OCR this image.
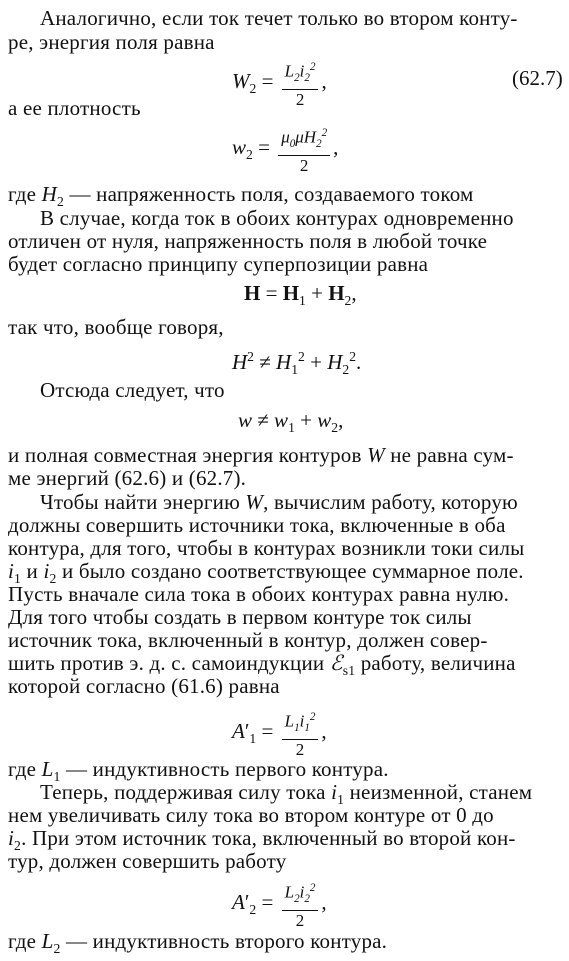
Аналогично, если ток течет только во втором конту-
ре, энергия поля равна
$W_2 = \frac{L_2i_2^2}{2}$ ,	(62.7)
а ее плотность
$w_2 = \frac{\mu_0\mu H_2^2}{2}$ ,
где $H_2$ — напряженность поля, создаваемого током
В случае, когда ток в обоих контурах одновременно
отличен от нуля, напряженность поля в любой точке
будет согласно принципу суперпозиции равна
$H = H_1 + H_2$,
так что, вообще говоря,
$H^2 \ne H_1^2 + H_2^2$.
Отсюда следует, что
$w \ne w_1 + w_2$,
и полная совместная энергия контуров W не равна сум-
ме энергий (62.6) и (62.7).
Чтобы найти энергию W, вычислим работу, которую
должны совершить источники тока, включенные в оба
контура, для того, чтобы в контурах возникли токи силы
$i_1$ и $i_2$ и было создано соответствующее суммарное поле.
Пусть вначале сила тока в обоих контурах равна нулю.
Для того чтобы создать в первом контуре ток силы
источник тока, включенный в контур, должен совер-
шить против э. д. с. самоиндукции ℰ$_{s1}$ работу, величина
которой согласно (61.6) равна
$A'_1 = \frac{L_1i_1^2}{2}$ ,
где $L_1$ — индуктивность первого контура.
Теперь, поддерживая силу тока $i_1$ неизменной, станем
нем увеличивать силу тока во втором контуре от 0 до
$i_2$. При этом источник тока, включенный во второй кон-
тур, должен совершить работу
$A'_2 = \frac{L_2i_2^2}{2}$ ,
где $L_2$ — индуктивность второго контура.
